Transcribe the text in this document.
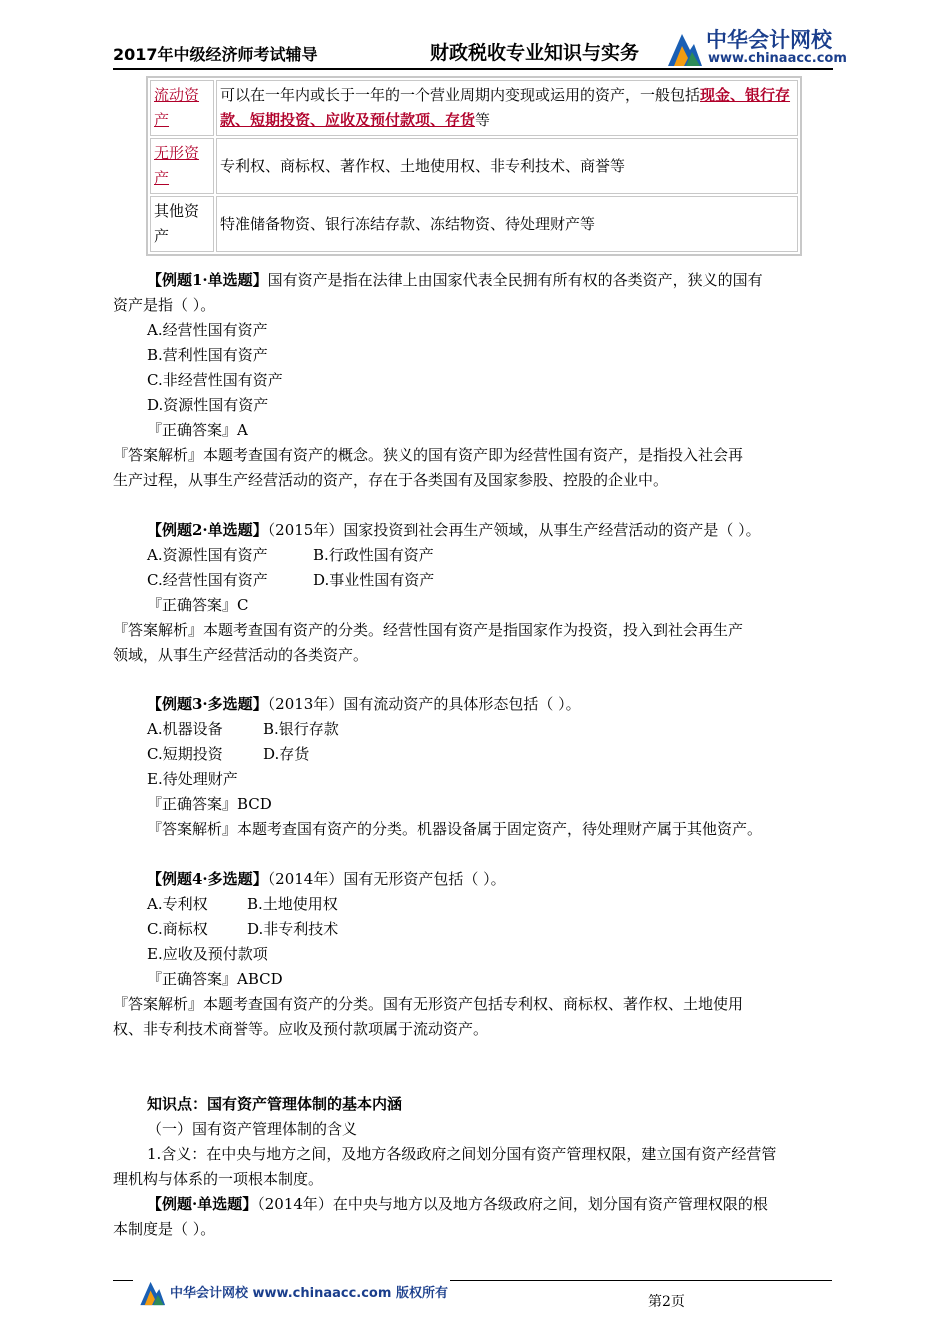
2017年中级经济师考试辅导	财政税收专业知识与实务
中华会计网校
www.chinaacc.com
流动资产	可以在一年内或长于一年的一个营业周期内变现或运用的资产，一般包括现金、银行存款、短期投资、应收及预付款项、存货等
无形资产	专利权、商标权、著作权、土地使用权、非专利技术、商誉等
其他资产	特准储备物资、银行冻结存款、冻结物资、待处理财产等
【例题1·单选题】国有资产是指在法律上由国家代表全民拥有所有权的各类资产，狭义的国有
资产是指（ ）。
A.经营性国有资产
B.营利性国有资产
C.非经营性国有资产
D.资源性国有资产
『正确答案』A
『答案解析』本题考查国有资产的概念。狭义的国有资产即为经营性国有资产，是指投入社会再
生产过程，从事生产经营活动的资产，存在于各类国有及国家参股、控股的企业中。
【例题2·单选题】（2015年）国家投资到社会再生产领域，从事生产经营活动的资产是（ ）。
A.资源性国有资产	B.行政性国有资产
C.经营性国有资产	D.事业性国有资产
『正确答案』C
『答案解析』本题考查国有资产的分类。经营性国有资产是指国家作为投资，投入到社会再生产
领域，从事生产经营活动的各类资产。
【例题3·多选题】（2013年）国有流动资产的具体形态包括（ ）。
A.机器设备	B.银行存款
C.短期投资	D.存货
E.待处理财产
『正确答案』BCD
『答案解析』本题考查国有资产的分类。机器设备属于固定资产，待处理财产属于其他资产。
【例题4·多选题】（2014年）国有无形资产包括（ ）。
A.专利权	B.土地使用权
C.商标权	D.非专利技术
E.应收及预付款项
『正确答案』ABCD
『答案解析』本题考查国有资产的分类。国有无形资产包括专利权、商标权、著作权、土地使用
权、非专利技术商誉等。应收及预付款项属于流动资产。
知识点：国有资产管理体制的基本内涵
（一）国有资产管理体制的含义
1.含义：在中央与地方之间，及地方各级政府之间划分国有资产管理权限，建立国有资产经营管
理机构与体系的一项根本制度。
【例题·单选题】（2014年）在中央与地方以及地方各级政府之间，划分国有资产管理权限的根
本制度是（ ）。
中华会计网校 www.chinaacc.com 版权所有
第2页
